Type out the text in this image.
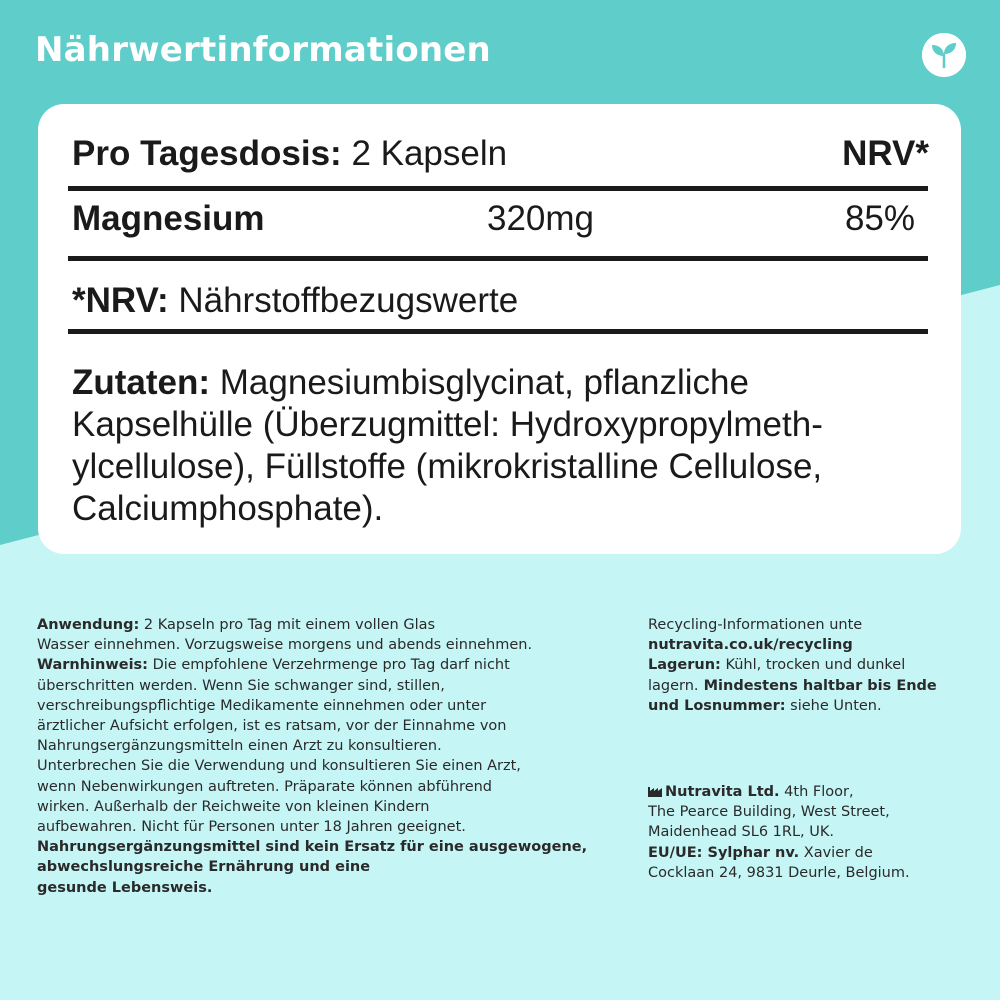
Nährwertinformationen
Pro Tagesdosis: 2 Kapseln	NRV*
Magnesium	320mg	85%
*NRV: Nährstoffbezugswerte
Zutaten: Magnesiumbisglycinat, pflanzliche
Kapselhülle (Überzugmittel: Hydroxypropylmeth-
ylcellulose), Füllstoffe (mikrokristalline Cellulose,
Calciumphosphate).

Anwendung: 2 Kapseln pro Tag mit einem vollen Glas

Wasser einnehmen. Vorzugsweise morgens und abends einnehmen.

Warnhinweis: Die empfohlene Verzehrmenge pro Tag darf nicht

überschritten werden. Wenn Sie schwanger sind, stillen,

verschreibungspflichtige Medikamente einnehmen oder unter

ärztlicher Aufsicht erfolgen, ist es ratsam, vor der Einnahme von

Nahrungsergänzungsmitteln einen Arzt zu konsultieren.

Unterbrechen Sie die Verwendung und konsultieren Sie einen Arzt,

wenn Nebenwirkungen auftreten. Präparate können abführend

wirken. Außerhalb der Reichweite von kleinen Kindern

aufbewahren. Nicht für Personen unter 18 Jahren geeignet.

Nahrungsergänzungsmittel sind kein Ersatz für eine ausgewogene,

abwechslungsreiche Ernährung und eine

gesunde Lebensweis.

Recycling-Informationen unte

nutravita.co.uk/recycling

Lagerun: Kühl, trocken und dunkel

lagern. Mindestens haltbar bis Ende

und Losnummer: siehe Unten.

Nutravita Ltd. 4th Floor,

The Pearce Building, West Street,

Maidenhead SL6 1RL, UK.

EU/UE: Sylphar nv. Xavier de

Cocklaan 24, 9831 Deurle, Belgium.
